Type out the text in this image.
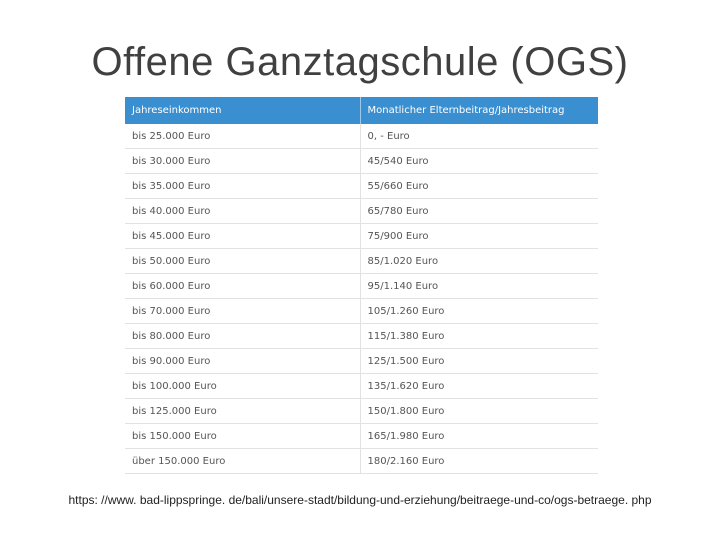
Offene Ganztagschule (OGS)
Jahreseinkommen	Monatlicher Elternbeitrag/Jahresbeitrag
bis 25.000 Euro	0, - Euro
bis 30.000 Euro	45/540 Euro
bis 35.000 Euro	55/660 Euro
bis 40.000 Euro	65/780 Euro
bis 45.000 Euro	75/900 Euro
bis 50.000 Euro	85/1.020 Euro
bis 60.000 Euro	95/1.140 Euro
bis 70.000 Euro	105/1.260 Euro
bis 80.000 Euro	115/1.380 Euro
bis 90.000 Euro	125/1.500 Euro
bis 100.000 Euro	135/1.620 Euro
bis 125.000 Euro	150/1.800 Euro
bis 150.000 Euro	165/1.980 Euro
über 150.000 Euro	180/2.160 Euro
https: //www. bad-lippspringe. de/bali/unsere-stadt/bildung-und-erziehung/beitraege-und-co/ogs-betraege. php
